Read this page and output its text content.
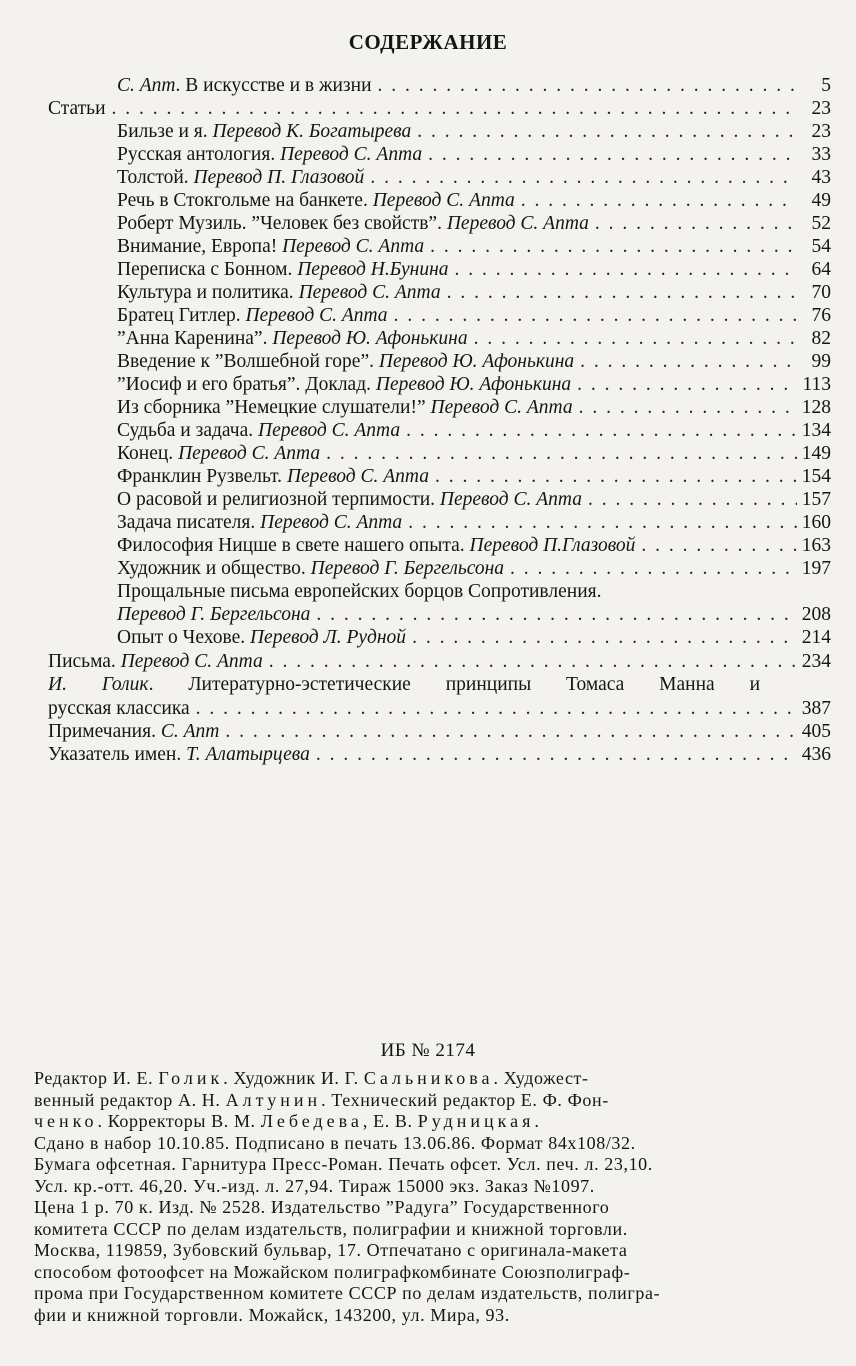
СОДЕРЖАНИЕ
С. Апт. В искусстве и в жизни . . .	5
Статьи . . .	23
Бильзе и я. Перевод К. Богатырева . . .	23
Русская антология. Перевод С. Апта . . .	33
Толстой. Перевод П. Глазовой . . .	43
Речь в Стокгольме на банкете. Перевод С. Апта . . .	49
Роберт Музиль. ”Человек без свойств”. Перевод С. Апта . . .	52
Внимание, Европа! Перевод С. Апта . . .	54
Переписка с Бонном. Перевод Н.Бунина . . .	64
Культура и политика. Перевод С. Апта . . .	70
Братец Гитлер. Перевод С. Апта . . .	76
”Анна Каренина”. Перевод Ю. Афонькина . . .	82
Введение к ”Волшебной горе”. Перевод Ю. Афонькина . . .	99
”Иосиф и его братья”. Доклад. Перевод Ю. Афонькина . . .	113
Из сборника ”Немецкие слушатели!” Перевод С. Апта . . .	128
Судьба и задача. Перевод С. Апта . . .	134
Конец. Перевод С. Апта . . .	149
Франклин Рузвельт. Перевод С. Апта . . .	154
О расовой и религиозной терпимости. Перевод С. Апта . . .	157
Задача писателя. Перевод С. Апта . . .	160
Философия Ницше в свете нашего опыта. Перевод П.Глазовой . . .	163
Художник и общество. Перевод Г. Бергельсона . . .	197
Прощальные письма европейских борцов Сопротивления.
Перевод Г. Бергельсона . . .	208
Опыт о Чехове. Перевод Л. Рудной . . .	214
Письма. Перевод С. Апта . . .	234
И. Голик. Литературно-эстетические принципы Томаса Манна и
русская классика . . .	387
Примечания. С. Апт . . .	405
Указатель имен. Т. Алатырцева . . .	436
ИБ № 2174
Редактор И. Е. Голик. Художник И. Г. Сальникова. Художест-
венный редактор А. Н. Алтунин. Технический редактор Е. Ф. Фон-
ченко. Корректоры В. М. Лебедева, Е. В. Рудницкая.
Сдано в набор 10.10.85. Подписано в печать 13.06.86. Формат 84х108/32.
Бумага офсетная. Гарнитура Пресс-Роман. Печать офсет. Усл. печ. л. 23,10.
Усл. кр.-отт. 46,20. Уч.-изд. л. 27,94. Тираж 15000 экз. Заказ №1097.
Цена 1 р. 70 к. Изд. № 2528. Издательство ”Радуга” Государственного
комитета СССР по делам издательств, полиграфии и книжной торговли.
Москва, 119859, Зубовский бульвар, 17. Отпечатано с оригинала-макета
способом фотоофсет на Можайском полиграфкомбинате Союзполиграф-
прома при Государственном комитете СССР по делам издательств, полигра-
фии и книжной торговли. Можайск, 143200, ул. Мира, 93.
